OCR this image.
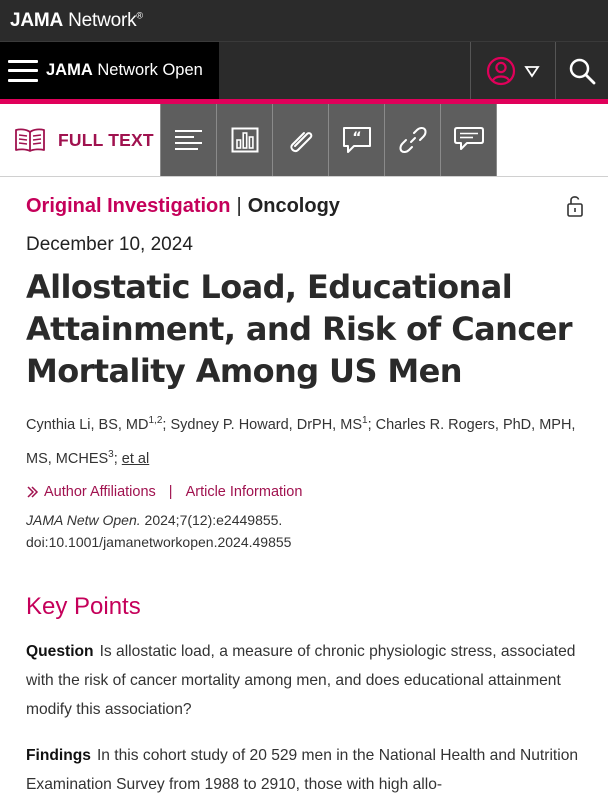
JAMA Network®
JAMA Network Open
FULL TEXT	“
Original Investigation | Oncology
December 10, 2024
Allostatic Load, Educational Attainment, and Risk of Cancer Mortality Among US Men
Cynthia Li, BS, MD$^{1,2}$; Sydney P. Howard, DrPH, $MS^1$; Charles R. Rogers, PhD, MPH, MS, MCHES$^3$; et al
Author Affiliations | Article Information
JAMA Netw Open. 2024;7(12):e2449855.
doi:10.1001/jamanetworkopen.2024.49855
Key Points

Question Is allostatic load, a measure of chronic physiologic stress, associated with the risk of cancer mortality among men, and does educational attainment modify this association?

Findings In this cohort study of 20 529 men in the National Health and Nutrition Examination Survey from 1988 to 2910, those with high allo-
